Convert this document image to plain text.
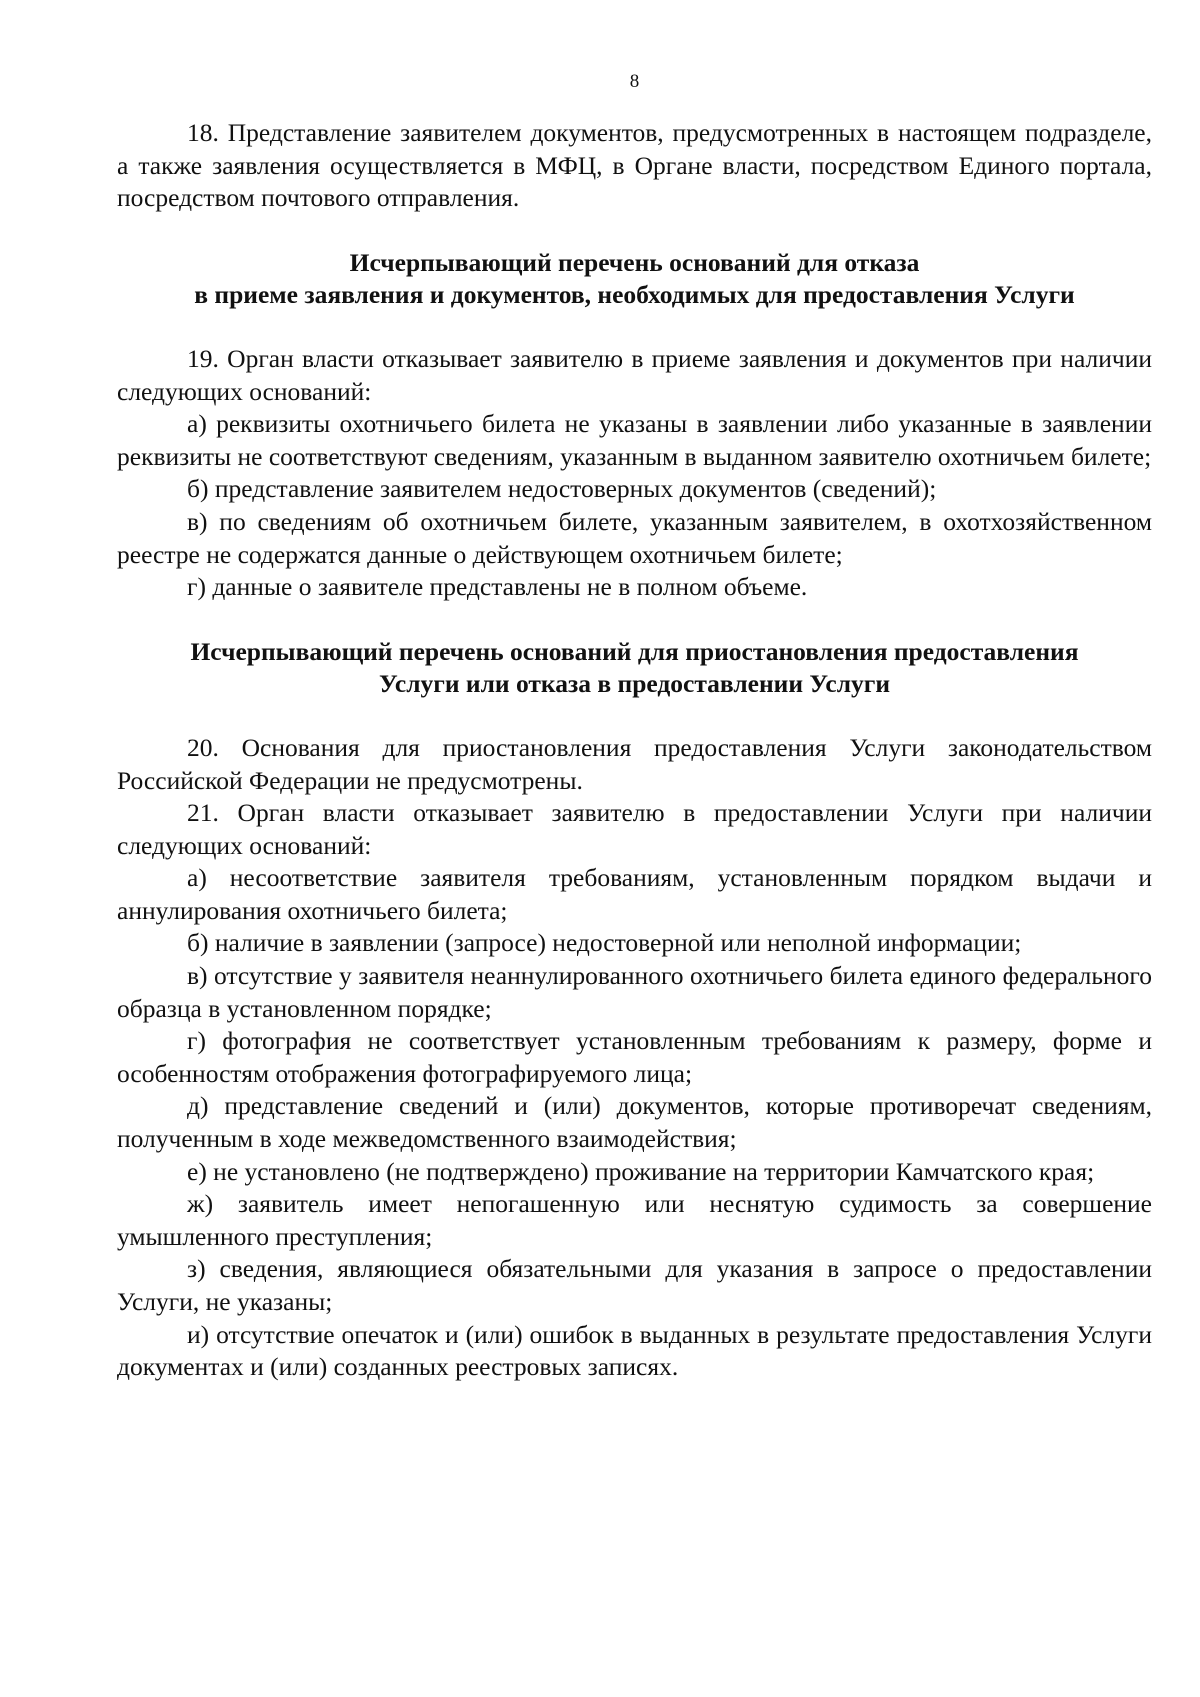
8

18. Представление заявителем документов, предусмотренных в настоящем подразделе, а также заявления осуществляется в МФЦ, в Органе власти, посредством Единого портала, посредством почтового отправления.

Исчерпывающий перечень оснований для отказа
в приеме заявления и документов, необходимых для предоставления Услуги

19. Орган власти отказывает заявителю в приеме заявления и документов при наличии следующих оснований:

а) реквизиты охотничьего билета не указаны в заявлении либо указанные в заявлении реквизиты не соответствуют сведениям, указанным в выданном заявителю охотничьем билете;

б) представление заявителем недостоверных документов (сведений);

в) по сведениям об охотничьем билете, указанным заявителем, в охотхозяйственном реестре не содержатся данные о действующем охотничьем билете;

г) данные о заявителе представлены не в полном объеме.

Исчерпывающий перечень оснований для приостановления предоставления
Услуги или отказа в предоставлении Услуги

20. Основания для приостановления предоставления Услуги законодательством Российской Федерации не предусмотрены.

21. Орган власти отказывает заявителю в предоставлении Услуги при наличии следующих оснований:

а) несоответствие заявителя требованиям, установленным порядком выдачи и аннулирования охотничьего билета;

б) наличие в заявлении (запросе) недостоверной или неполной информации;

в) отсутствие у заявителя неаннулированного охотничьего билета единого федерального образца в установленном порядке;

г) фотография не соответствует установленным требованиям к размеру, форме и особенностям отображения фотографируемого лица;

д) представление сведений и (или) документов, которые противоречат сведениям, полученным в ходе межведомственного взаимодействия;

е) не установлено (не подтверждено) проживание на территории Камчатского края;

ж) заявитель имеет непогашенную или неснятую судимость за совершение умышленного преступления;

з) сведения, являющиеся обязательными для указания в запросе о предоставлении Услуги, не указаны;

и) отсутствие опечаток и (или) ошибок в выданных в результате предоставления Услуги документах и (или) созданных реестровых записях.
